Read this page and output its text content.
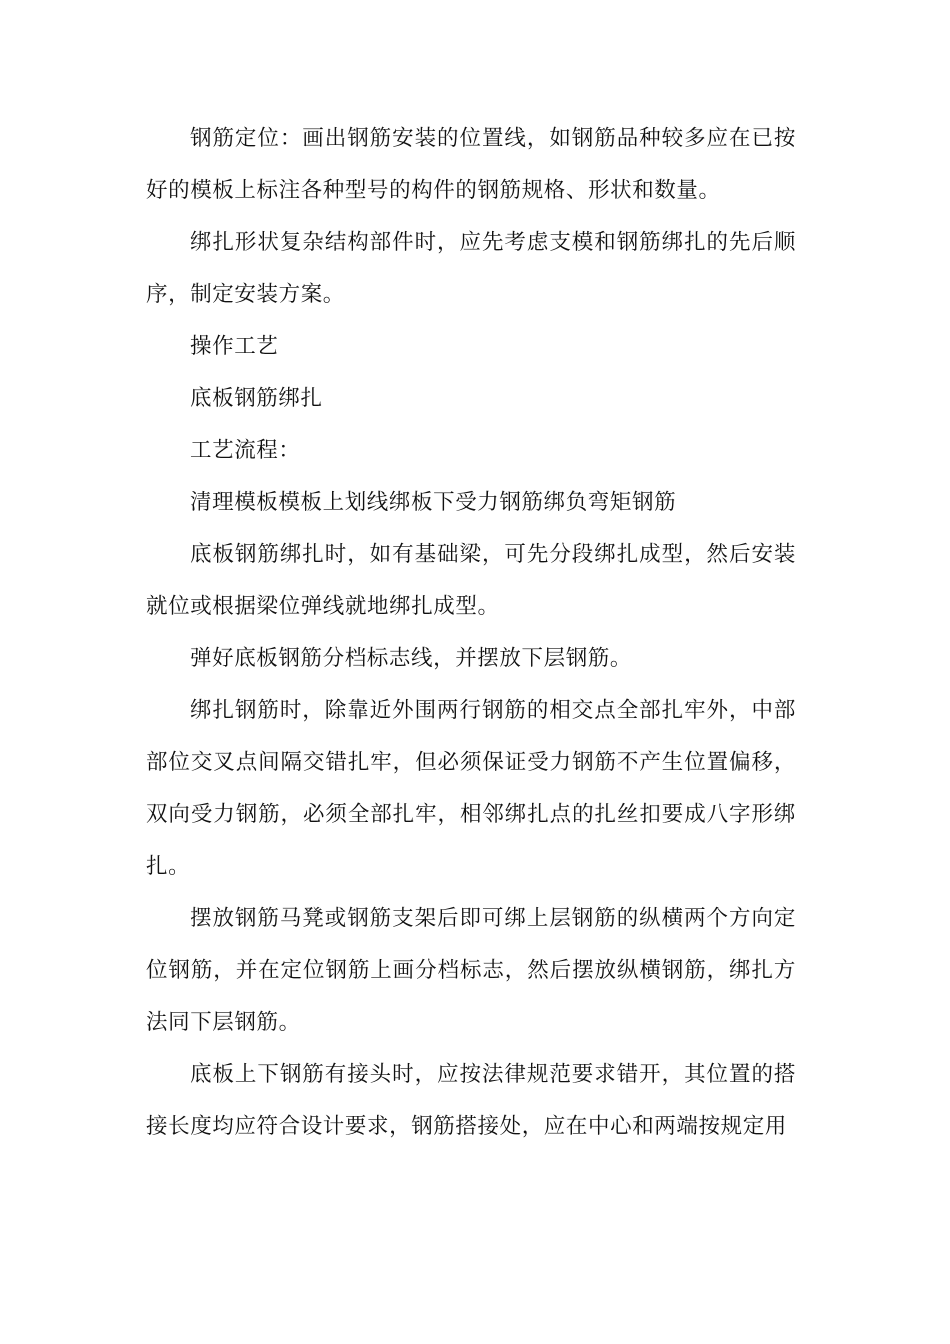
钢筋定位：画出钢筋安装的位置线，如钢筋品种较多应在已按好的模板上标注各种型号的构件的钢筋规格、形状和数量。

绑扎形状复杂结构部件时，应先考虑支模和钢筋绑扎的先后顺序，制定安装方案。

操作工艺

底板钢筋绑扎

工艺流程：

清理模板模板上划线绑板下受力钢筋绑负弯矩钢筋

底板钢筋绑扎时，如有基础梁，可先分段绑扎成型，然后安装就位或根据梁位弹线就地绑扎成型。

弹好底板钢筋分档标志线，并摆放下层钢筋。

绑扎钢筋时，除靠近外围两行钢筋的相交点全部扎牢外，中部部位交叉点间隔交错扎牢，但必须保证受力钢筋不产生位置偏移，双向受力钢筋，必须全部扎牢，相邻绑扎点的扎丝扣要成八字形绑扎。

摆放钢筋马凳或钢筋支架后即可绑上层钢筋的纵横两个方向定位钢筋，并在定位钢筋上画分档标志，然后摆放纵横钢筋，绑扎方法同下层钢筋。

底板上下钢筋有接头时，应按法律规范要求错开，其位置的搭接长度均应符合设计要求，钢筋搭接处，应在中心和两端按规定用
